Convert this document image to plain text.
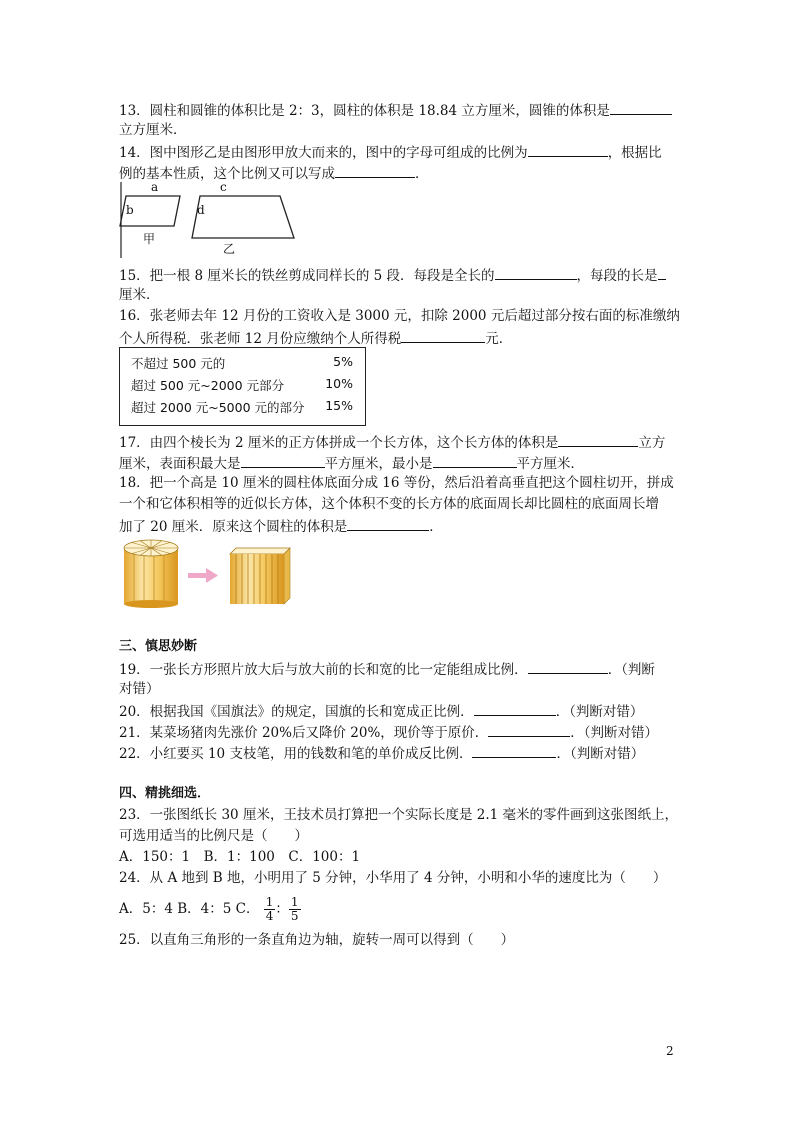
13．圆柱和圆锥的体积比是 2：3，圆柱的体积是 18.84 立方厘米，圆锥的体积是
立方厘米．
14．图中图形乙是由图形甲放大而来的，图中的字母可组成的比例为	，根据比
例的基本性质，这个比例又可以写成	．
a
b
甲
c
d
乙
15．把一根 8 厘米长的铁丝剪成同样长的 5 段．每段是全长的	，每段的长是
厘米．
16．张老师去年 12 月份的工资收入是 3000 元，扣除 2000 元后超过部分按右面的标准缴纳
个人所得税．张老师 12 月份应缴纳个人所得税	元．
不超过 500 元的	5%
超过 500 元~2000 元部分	10%
超过 2000 元~5000 元的部分 15%
17．由四个棱长为 2 厘米的正方体拼成一个长方体，这个长方体的体积是	立方
厘米，表面积最大是	平方厘米，最小是	平方厘米．
18．把一个高是 10 厘米的圆柱体底面分成 16 等份，然后沿着高垂直把这个圆柱切开，拼成
一个和它体积相等的近似长方体，这个体积不变的长方体的底面周长却比圆柱的底面周长增
加了 20 厘米．原来这个圆柱的体积是	．
三、慎思妙断
19．一张长方形照片放大后与放大前的长和宽的比一定能组成比例．	．（判断
对错）
20．根据我国《国旗法》的规定，国旗的长和宽成正比例．	．（判断对错）
21．某菜场猪肉先涨价 20%后又降价 20%，现价等于原价．	．（判断对错）
22．小红要买 10 支枝笔，用的钱数和笔的单价成反比例．	．（判断对错）
四、精挑细选．
23．一张图纸长 30 厘米，王技术员打算把一个实际长度是 2.1 毫米的零件画到这张图纸上，
可选用适当的比例尺是（　　）
A．150：1　B．1：100　C．100：1
24．从 A 地到 B 地，小明用了 5 分钟，小华用了 4 分钟，小明和小华的速度比为（　　）
A．5：4 B．4：5 C． $\frac{1}{4}$ ： $\frac{1}{5}$
25．以直角三角形的一条直角边为轴，旋转一周可以得到（　　）
2
